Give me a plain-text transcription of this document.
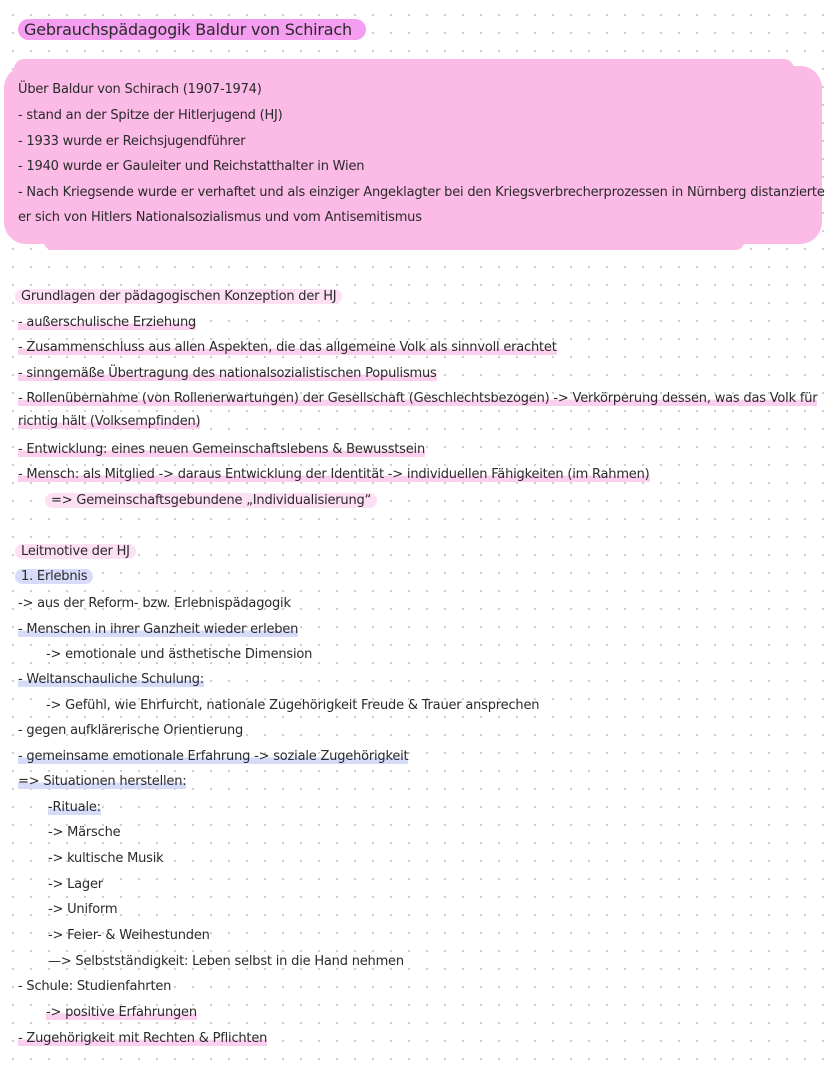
Gebrauchspädagogik Baldur von Schirach
Über Baldur von Schirach (1907-1974)
- stand an der Spitze der Hitlerjugend (HJ)
- 1933 wurde er Reichsjugendführer
- 1940 wurde er Gauleiter und Reichstatthalter in Wien
- Nach Kriegsende wurde er verhaftet und als einziger Angeklagter bei den Kriegsverbrecherprozessen in Nürnberg distanzierte
er sich von Hitlers Nationalsozialismus und vom Antisemitismus
Grundlagen der pädagogischen Konzeption der HJ
- außerschulische Erziehung
- Zusammenschluss aus allen Aspekten, die das allgemeine Volk als sinnvoll erachtet
- sinngemäße Übertragung des nationalsozialistischen Populismus
- Rollenübernahme (von Rollenerwartungen) der Gesellschaft (Geschlechtsbezogen) -> Verkörperung dessen, was das Volk für
richtig hält (Volksempfinden)
- Entwicklung: eines neuen Gemeinschaftslebens & Bewusstsein
- Mensch: als Mitglied -> daraus Entwicklung der Identität -> individuellen Fähigkeiten (im Rahmen)
=> Gemeinschaftsgebundene „Individualisierung“
Leitmotive der HJ
1. Erlebnis
-> aus der Reform- bzw. Erlebnispädagogik
- Menschen in ihrer Ganzheit wieder erleben
-> emotionale und ästhetische Dimension
- Weltanschauliche Schulung:
-> Gefühl, wie Ehrfurcht, nationale Zugehörigkeit Freude & Trauer ansprechen
- gegen aufklärerische Orientierung
- gemeinsame emotionale Erfahrung -> soziale Zugehörigkeit
=> Situationen herstellen:
-Rituale:
-> Märsche
-> kultische Musik
-> Lager
-> Uniform
-> Feier- & Weihestunden
—> Selbstständigkeit: Leben selbst in die Hand nehmen
- Schule: Studienfahrten
-> positive Erfahrungen
- Zugehörigkeit mit Rechten & Pflichten
